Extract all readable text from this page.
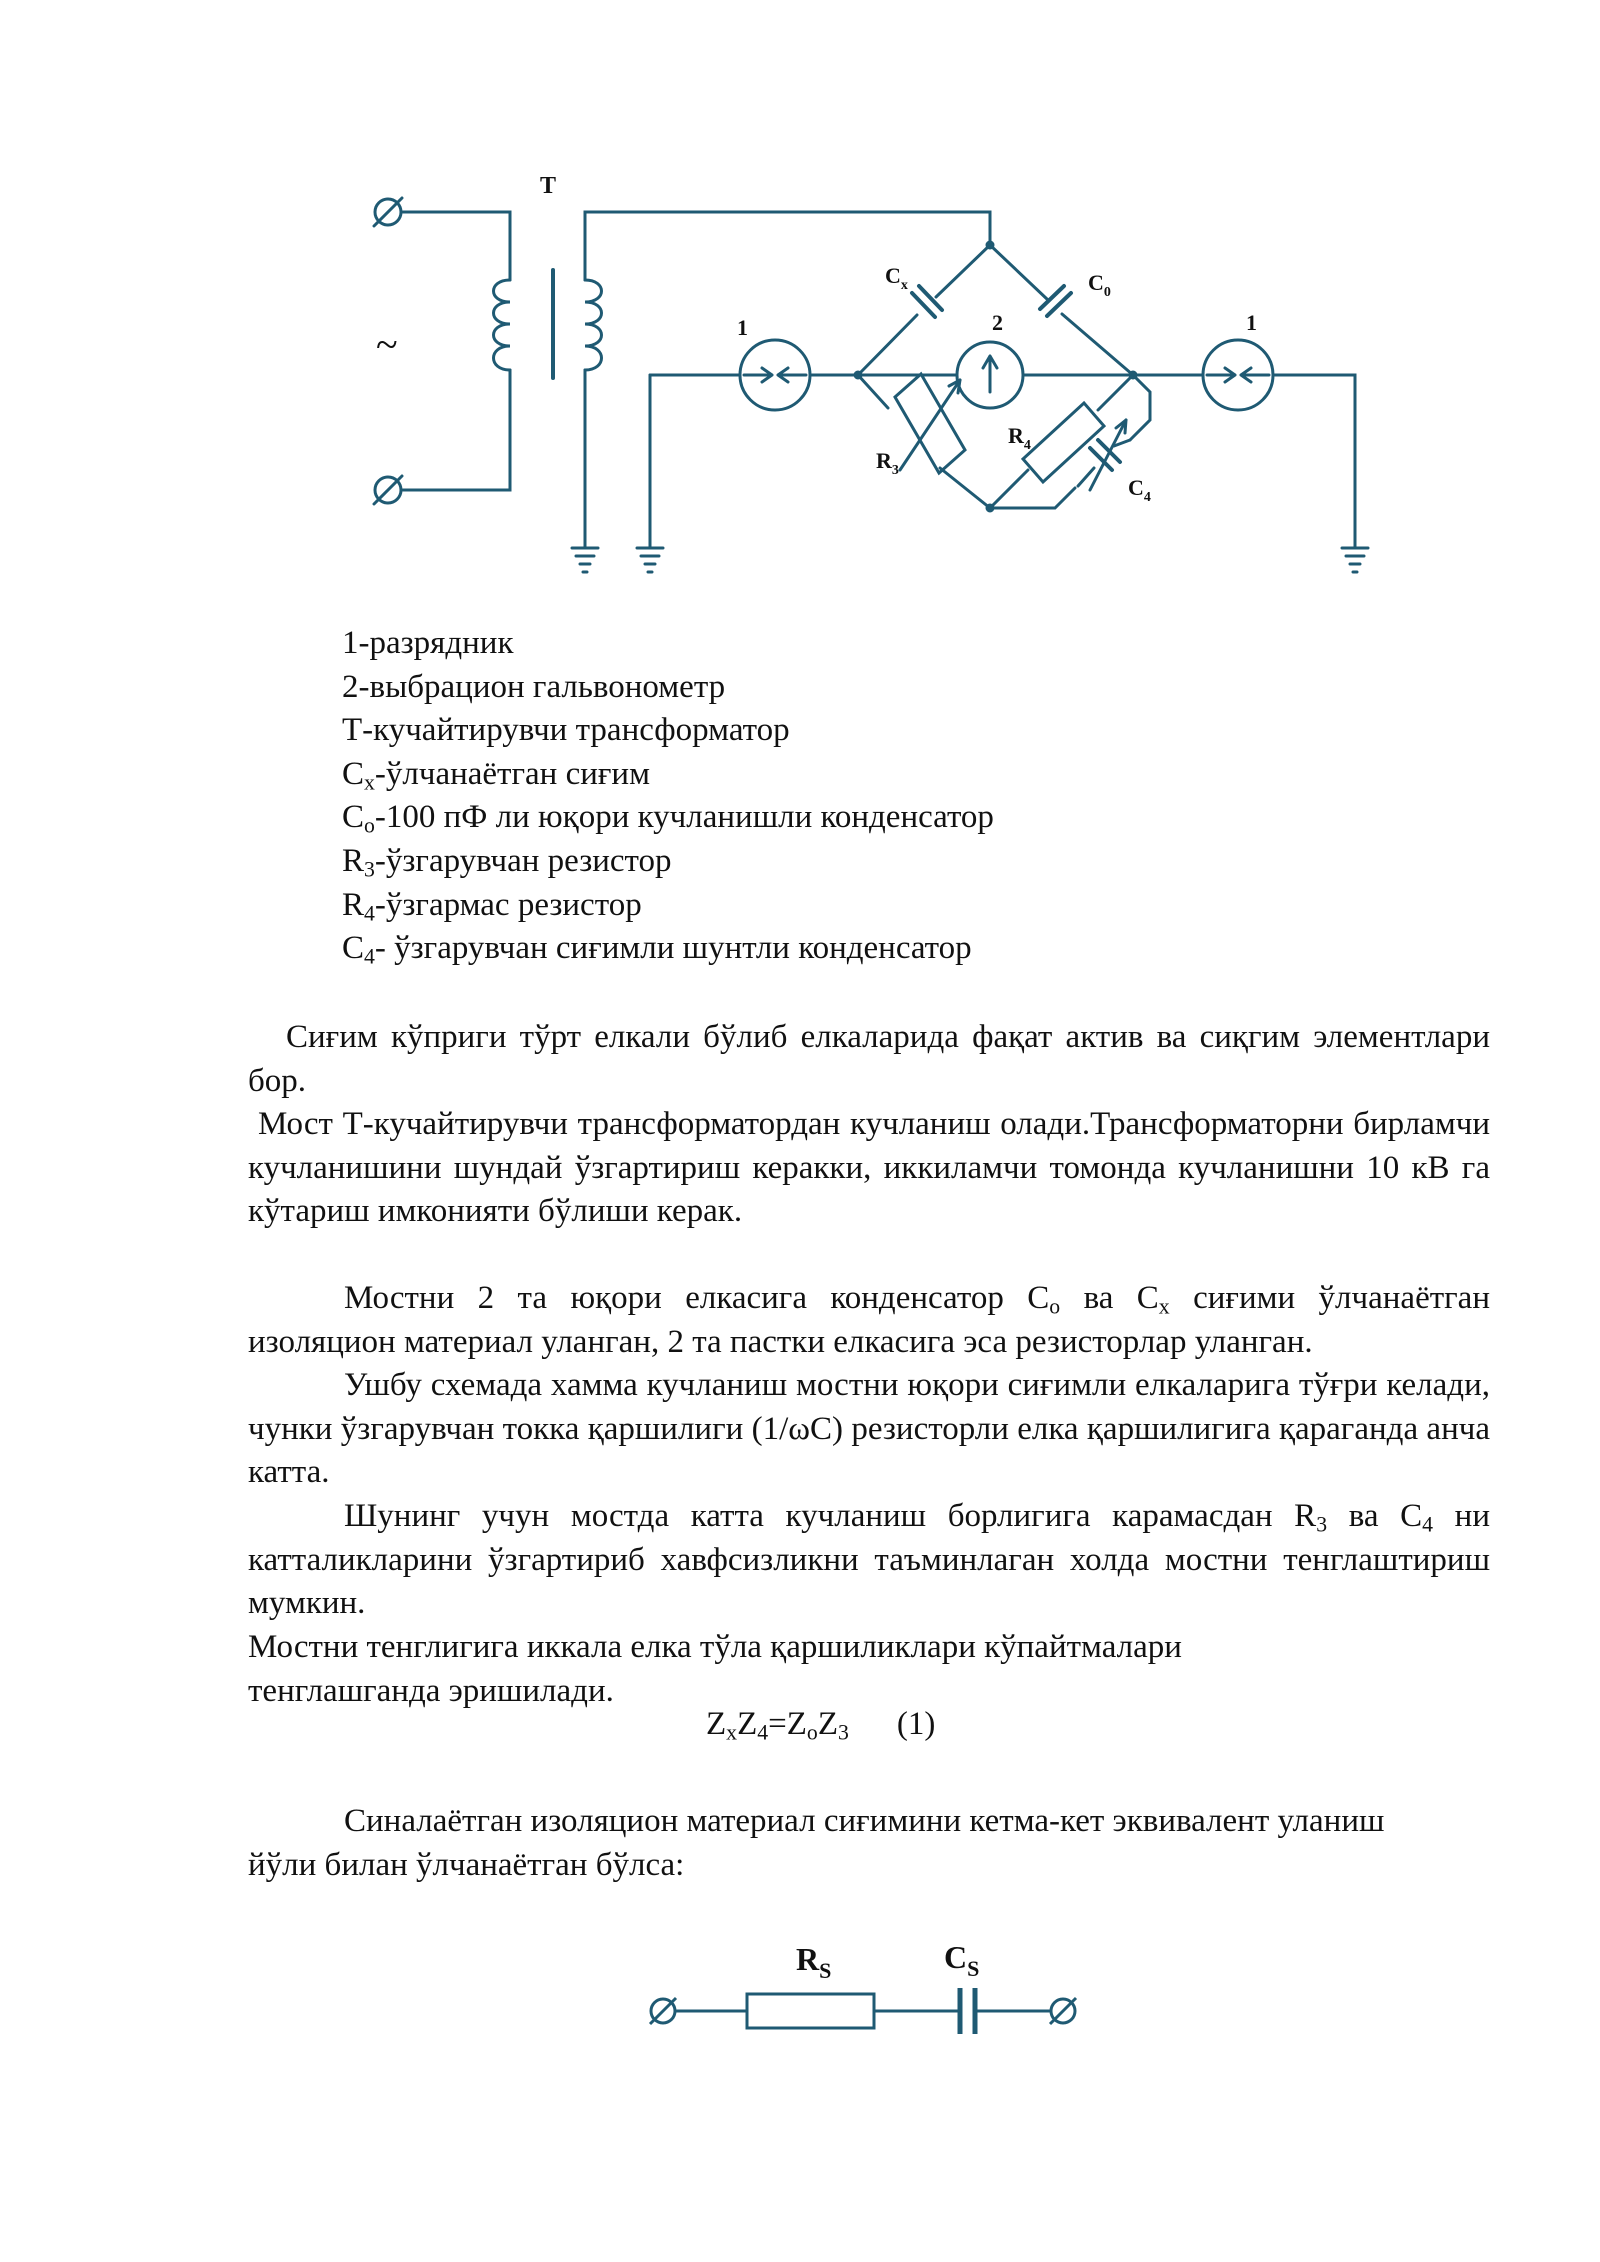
T
~
$C_x$	$C_0$
1	2	1
$R_3$
$R_4$
$C_4$
1-разрядник
2-выбрацион гальвонометр
Т-кучайтирувчи трансформатор
$С_х$-ўлчанаётган сиғим
$С_о-100$ пФ ли юқори кучланишли конденсатор
$R_3$-ўзгарувчан резистор
$R_4$-ўзгармас резистор
$С_4-$ ўзгарувчан сиғимли шунтли конденсатор
Сиғим кўприги тўрт елкали бўлиб елкаларида фақат актив ва сиқгим элементлари бор.
Мост Т-кучайтирувчи трансформатордан кучланиш олади.Трансформаторни бирламчи кучланишини шундай ўзгартириш керакки, иккиламчи томонда кучланишни 10 кВ га кўтариш имконияти бўлиши керак.
Мостни 2 та юқори елкасига конденсатор $С_о$ ва $С_х$ сиғими ўлчанаётган изоляцион материал уланган, 2 та пастки елкасига эса резисторлар уланган.
Ушбу схемада хамма кучланиш мостни юқори сиғимли елкаларига тўғри келади, чунки ўзгарувчан токка қаршилиги (1/ωС) резисторли елка қаршилигига қараганда анча катта.
Шунинг учун мостда катта кучланиш борлигига карамасдан $R_3$ ва $С_4$ ни катталикларини ўзгартириб хавфсизликни таъминлаган холда мостни тенглаштириш мумкин.
Мостни тенглигига иккала елка тўла қаршиликлари кўпайтмалари тенглашганда эришилади.
$Z_xZ_4=Z_oZ_3$ (1)
Синалаётган изоляцион материал сиғимини кетма-кет эквивалент уланиш йўли билан ўлчанаётган бўлса:
$R_S$	$C_S$
